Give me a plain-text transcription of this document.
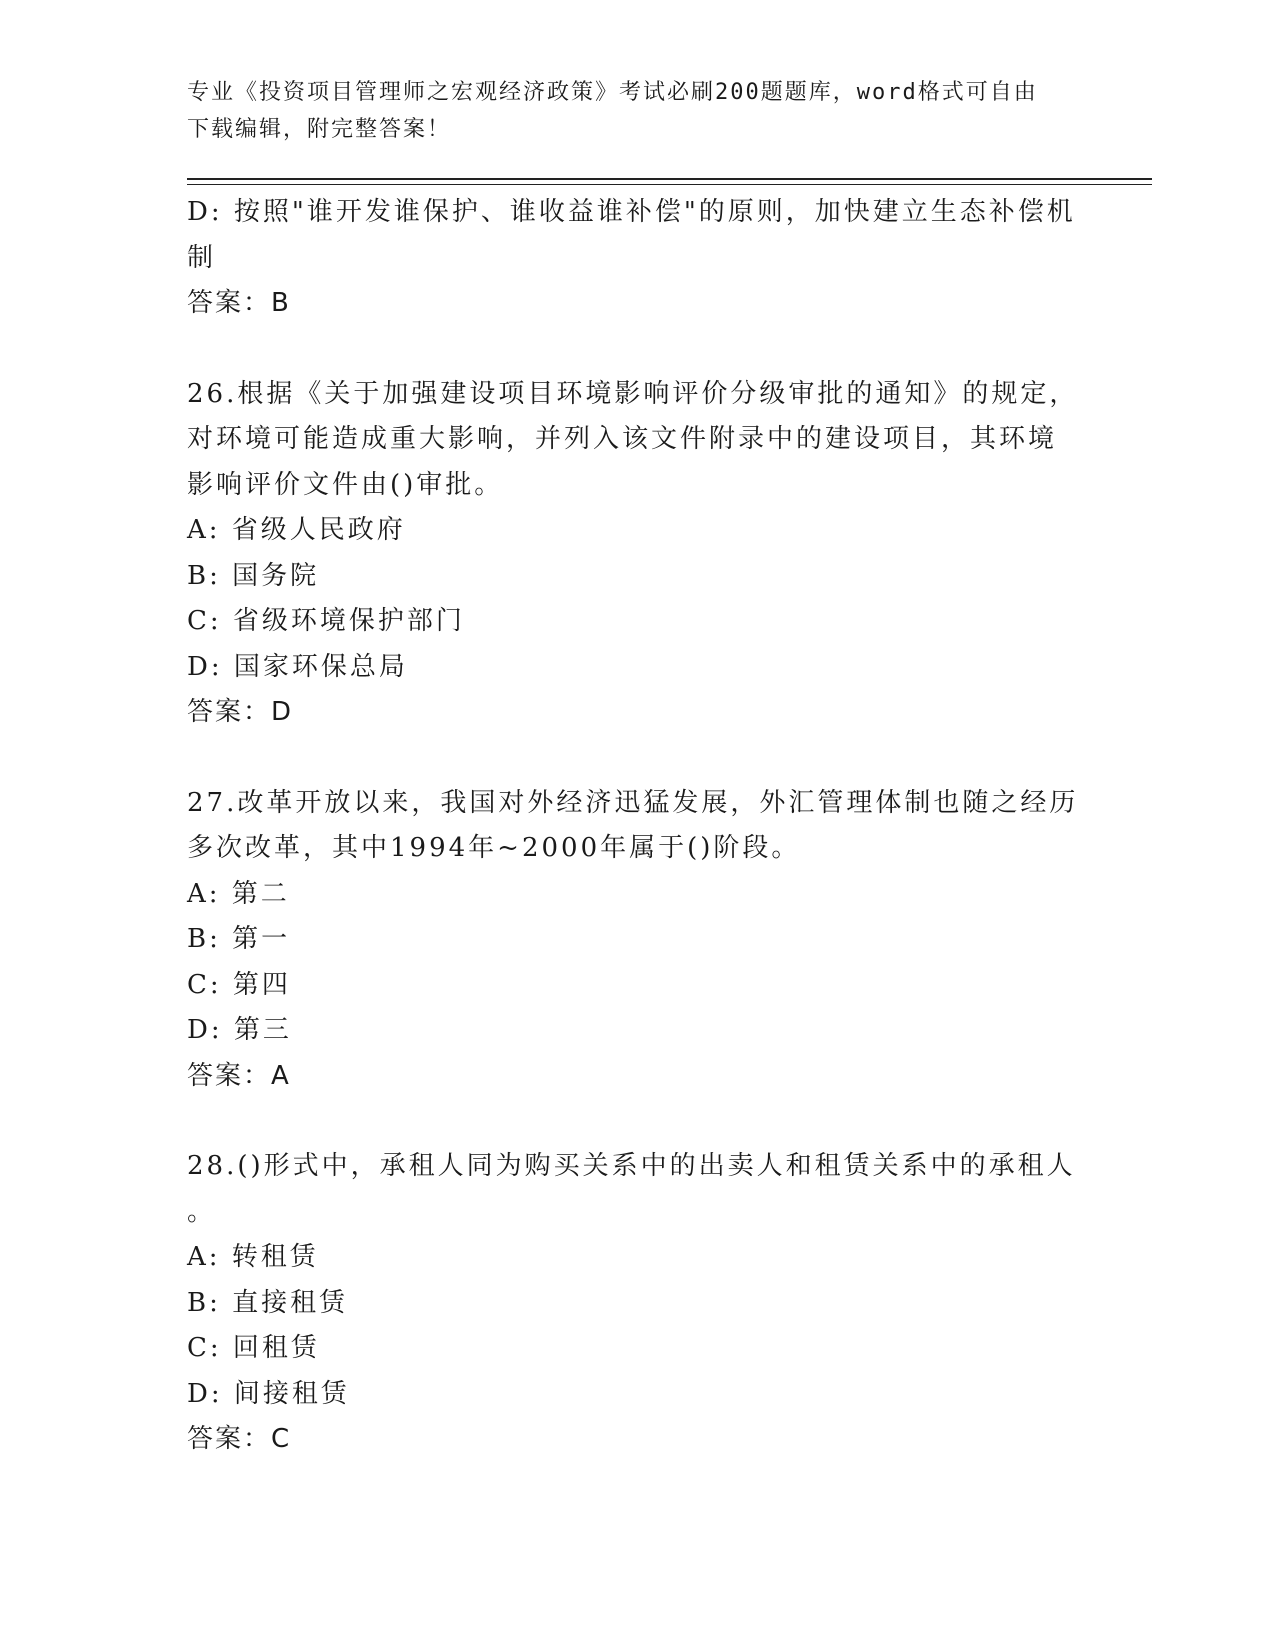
专业《投资项目管理师之宏观经济政策》考试必刷200题题库，word格式可自由
下载编辑，附完整答案！
D: 按照"谁开发谁保护、谁收益谁补偿"的原则，加快建立生态补偿机
制
答案：B
26.根据《关于加强建设项目环境影响评价分级审批的通知》的规定，
对环境可能造成重大影响，并列入该文件附录中的建设项目，其环境
影响评价文件由()审批。
A: 省级人民政府
B: 国务院
C: 省级环境保护部门
D: 国家环保总局
答案：D
27.改革开放以来，我国对外经济迅猛发展，外汇管理体制也随之经历
多次改革，其中1994年~2000年属于()阶段。
A: 第二
B: 第一
C: 第四
D: 第三
答案：A
28.()形式中，承租人同为购买关系中的出卖人和租赁关系中的承租人
。
A: 转租赁
B: 直接租赁
C: 回租赁
D: 间接租赁
答案：C
